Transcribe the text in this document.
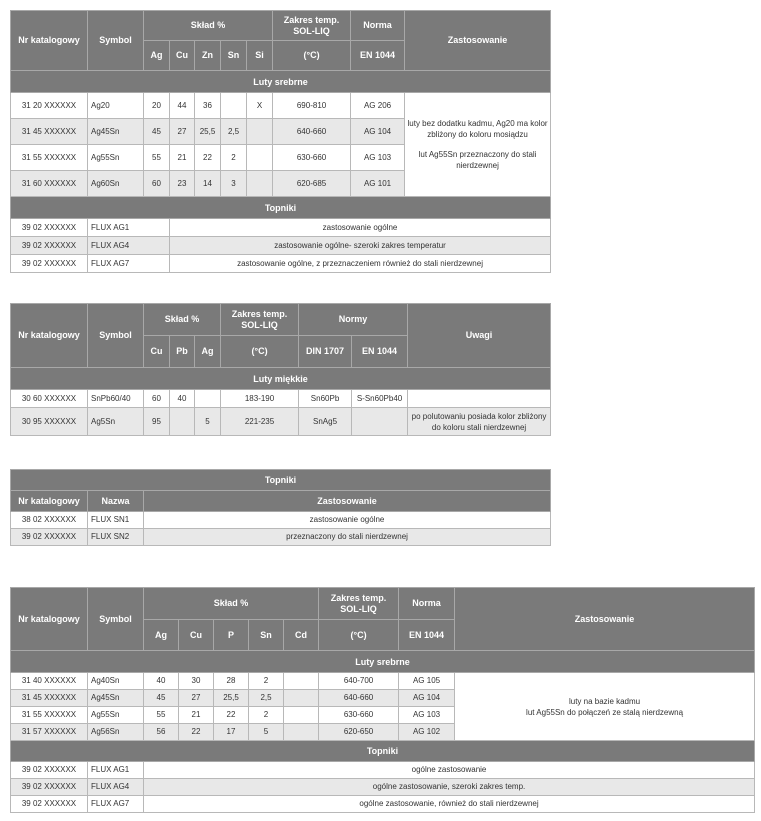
Nr katalogowy	Symbol	Skład %					Zakres temp. SOL-LIQ	Norma	Zastosowanie
		Ag	Cu	Zn	Sn	Si	(°C)	EN 1044	
Luty srebrne									
31 20 XXXXXX	Ag20	20	44	36		X	690-810	AG 206	luty bez dodatku kadmu, Ag20 ma kolor zbliżony do koloru mosiądzu
lut Ag55Sn przeznaczony do stali nierdzewnej

31 45 XXXXXX	Ag45Sn	45	27	25,5	2,5		640-660	AG 104	
31 55 XXXXXX	Ag55Sn	55	21	22	2		630-660	AG 103	
31 60 XXXXXX	Ag60Sn	60	23	14	3		620-685	AG 101	
Topniki									
39 02 XXXXXX	FLUX AG1		zastosowanie ogólne						
39 02 XXXXXX	FLUX AG4		zastosowanie ogólne- szeroki zakres temperatur						
39 02 XXXXXX	FLUX AG7		zastosowanie ogólne, z przeznaczeniem również do stali nierdzewnej						
Nr katalogowy	Symbol	Skład %			Zakres temp. SOL-LIQ	Normy		Uwagi
		Cu	Pb	Ag	(°C)	DIN 1707	EN 1044	
Luty miękkie								
30 60 XXXXXX	SnPb60/40	60	40		183-190	Sn60Pb	S-Sn60Pb40	
30 95 XXXXXX	Ag5Sn	95		5	221-235	SnAg5		po polutowaniu posiada kolor zbliżony do koloru stali nierdzewnej
Topniki		
Nr katalogowy	Nazwa	Zastosowanie
38 02 XXXXXX	FLUX SN1	zastosowanie ogólne
39 02 XXXXXX	FLUX SN2	przeznaczony do stali nierdzewnej
Nr katalogowy	Symbol	Skład %					Zakres temp. SOL-LIQ	Norma	Zastosowanie
		Ag	Cu	P	Sn	Cd	(°C)	EN 1044	
Luty srebrne									
31 40 XXXXXX	Ag40Sn	40	30	28	2		640-700	AG 105	luty na bazie kadmu
lut Ag55Sn do połączeń ze stalą nierdzewną

31 45 XXXXXX	Ag45Sn	45	27	25,5	2,5		640-660	AG 104	
31 55 XXXXXX	Ag55Sn	55	21	22	2		630-660	AG 103	
31 57 XXXXXX	Ag56Sn	56	22	17	5		620-650	AG 102	
Topniki									
39 02 XXXXXX	FLUX AG1	ogólne zastosowanie							
39 02 XXXXXX	FLUX AG4	ogólne zastosowanie, szeroki zakres temp.							
39 02 XXXXXX	FLUX AG7	ogólne zastosowanie, również do stali nierdzewnej							
